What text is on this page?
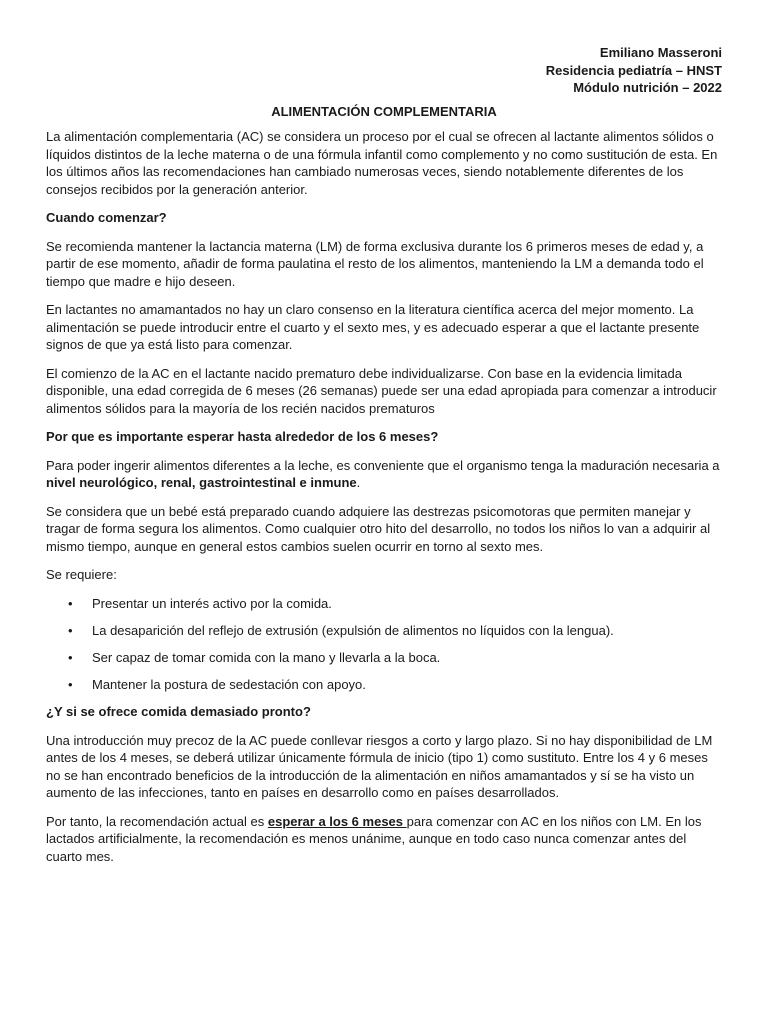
Emiliano Masseroni
Residencia pediatría – HNST
Módulo nutrición – 2022
ALIMENTACIÓN COMPLEMENTARIA

La alimentación complementaria (AC) se considera un proceso por el cual se ofrecen al lactante alimentos sólidos o líquidos distintos de la leche materna o de una fórmula infantil como complemento y no como sustitución de esta. En los últimos años las recomendaciones han cambiado numerosas veces, siendo notablemente diferentes de los consejos recibidos por la generación anterior.

Cuando comenzar?

Se recomienda mantener la lactancia materna (LM) de forma exclusiva durante los 6 primeros meses de edad y, a partir de ese momento, añadir de forma paulatina el resto de los alimentos, manteniendo la LM a demanda todo el tiempo que madre e hijo deseen.

En lactantes no amamantados no hay un claro consenso en la literatura científica acerca del mejor momento. La alimentación se puede introducir entre el cuarto y el sexto mes, y es adecuado esperar a que el lactante presente signos de que ya está listo para comenzar.

El comienzo de la AC en el lactante nacido prematuro debe individualizarse. Con base en la evidencia limitada disponible, una edad corregida de 6 meses (26 semanas) puede ser una edad apropiada para comenzar a introducir alimentos sólidos para la mayoría de los recién nacidos prematuros

Por que es importante esperar hasta alrededor de los 6 meses?

Para poder ingerir alimentos diferentes a la leche, es conveniente que el organismo tenga la maduración necesaria a nivel neurológico, renal, gastrointestinal e inmune.

Se considera que un bebé está preparado cuando adquiere las destrezas psicomotoras que permiten manejar y tragar de forma segura los alimentos. Como cualquier otro hito del desarrollo, no todos los niños lo van a adquirir al mismo tiempo, aunque en general estos cambios suelen ocurrir en torno al sexto mes.

Se requiere:

• Presentar un interés activo por la comida.
• La desaparición del reflejo de extrusión (expulsión de alimentos no líquidos con la lengua).
• Ser capaz de tomar comida con la mano y llevarla a la boca.
• Mantener la postura de sedestación con apoyo.
¿Y si se ofrece comida demasiado pronto?

Una introducción muy precoz de la AC puede conllevar riesgos a corto y largo plazo. Si no hay disponibilidad de LM antes de los 4 meses, se deberá utilizar únicamente fórmula de inicio (tipo 1) como sustituto. Entre los 4 y 6 meses no se han encontrado beneficios de la introducción de la alimentación en niños amamantados y sí se ha visto un aumento de las infecciones, tanto en países en desarrollo como en países desarrollados.

Por tanto, la recomendación actual es esperar a los 6 meses para comenzar con AC en los niños con LM. En los lactados artificialmente, la recomendación es menos unánime, aunque en todo caso nunca comenzar antes del cuarto mes.
